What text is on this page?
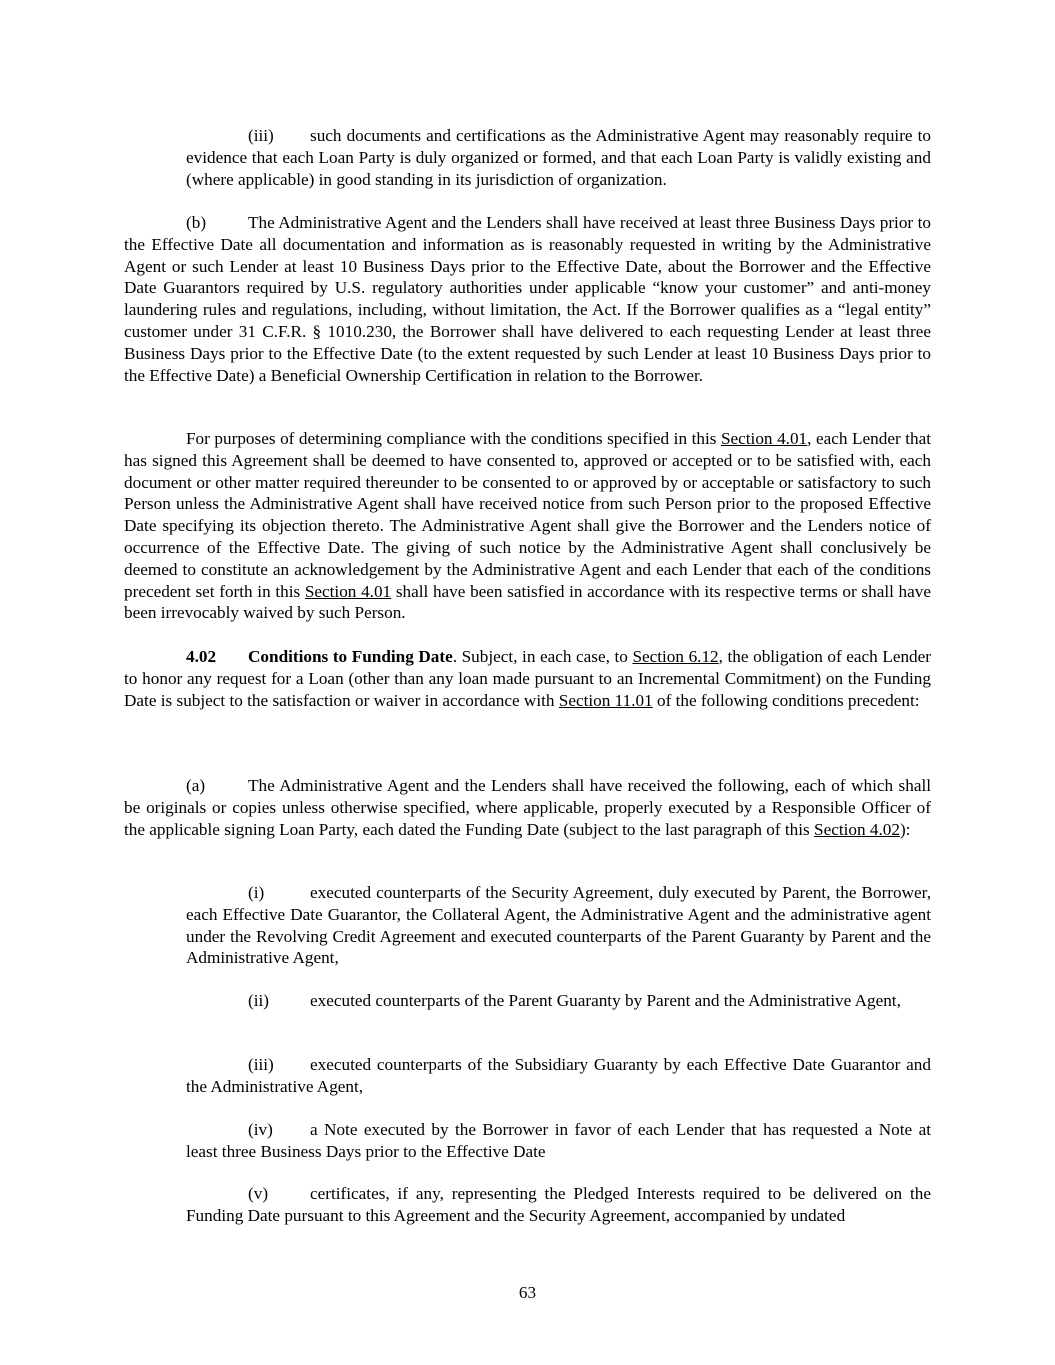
(iii) such documents and certifications as the Administrative Agent may reasonably require to evidence that each Loan Party is duly organized or formed, and that each Loan Party is validly existing and (where applicable) in good standing in its jurisdiction of organization.

(b) The Administrative Agent and the Lenders shall have received at least three Business Days prior to the Effective Date all documentation and information as is reasonably requested in writing by the Administrative Agent or such Lender at least 10 Business Days prior to the Effective Date, about the Borrower and the Effective Date Guarantors required by U.S. regulatory authorities under applicable “know your customer” and anti-money laundering rules and regulations, including, without limitation, the Act. If the Borrower qualifies as a “legal entity” customer under 31 C.F.R. § 1010.230, the Borrower shall have delivered to each requesting Lender at least three Business Days prior to the Effective Date (to the extent requested by such Lender at least 10 Business Days prior to the Effective Date) a Beneficial Ownership Certification in relation to the Borrower.

For purposes of determining compliance with the conditions specified in this Section 4.01, each Lender that has signed this Agreement shall be deemed to have consented to, approved or accepted or to be satisfied with, each document or other matter required thereunder to be consented to or approved by or acceptable or satisfactory to such Person unless the Administrative Agent shall have received notice from such Person prior to the proposed Effective Date specifying its objection thereto. The Administrative Agent shall give the Borrower and the Lenders notice of occurrence of the Effective Date. The giving of such notice by the Administrative Agent shall conclusively be deemed to constitute an acknowledgement by the Administrative Agent and each Lender that each of the conditions precedent set forth in this Section 4.01 shall have been satisfied in accordance with its respective terms or shall have been irrevocably waived by such Person.

4.02 Conditions to Funding Date. Subject, in each case, to Section 6.12, the obligation of each Lender to honor any request for a Loan (other than any loan made pursuant to an Incremental Commitment) on the Funding Date is subject to the satisfaction or waiver in accordance with Section 11.01 of the following conditions precedent:

(a) The Administrative Agent and the Lenders shall have received the following, each of which shall be originals or copies unless otherwise specified, where applicable, properly executed by a Responsible Officer of the applicable signing Loan Party, each dated the Funding Date (subject to the last paragraph of this Section 4.02):

(i)	executed counterparts of the Security Agreement, duly executed by Parent, the Borrower, each Effective Date Guarantor, the Collateral Agent, the Administrative Agent and the administrative agent under the Revolving Credit Agreement and executed counterparts of the Parent Guaranty by Parent and the Administrative Agent,

(ii) executed counterparts of the Parent Guaranty by Parent and the Administrative Agent,

(iii) executed counterparts of the Subsidiary Guaranty by each Effective Date Guarantor and the Administrative Agent,

(iv) a Note executed by the Borrower in favor of each Lender that has requested a Note at least three Business Days prior to the Effective Date

(v) certificates, if any, representing the Pledged Interests required to be delivered on the Funding Date pursuant to this Agreement and the Security Agreement, accompanied by undated

63
